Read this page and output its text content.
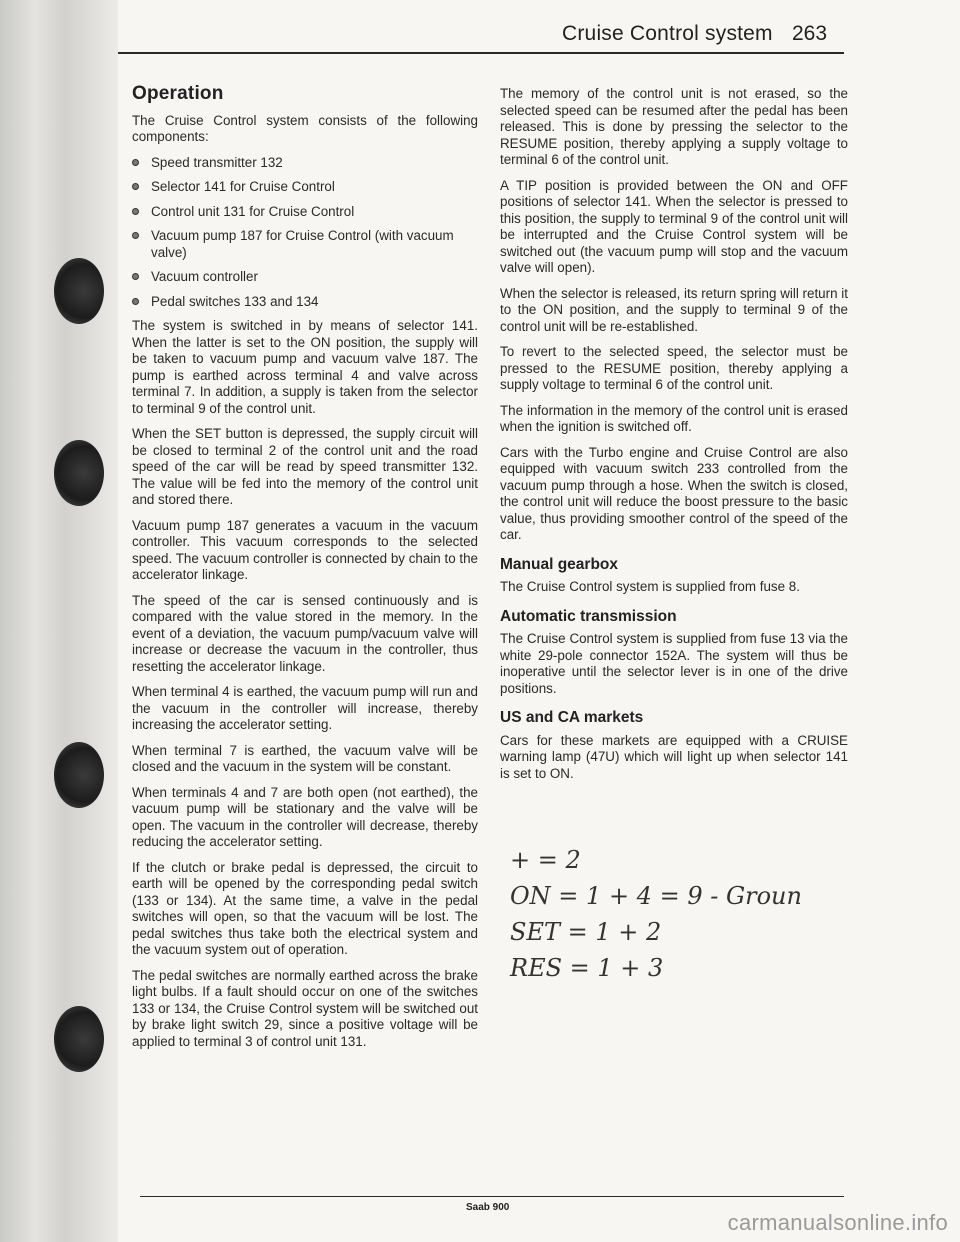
Cruise Control system 263
Operation

The Cruise Control system consists of the following components:

Speed transmitter 132
Selector 141 for Cruise Control
Control unit 131 for Cruise Control
Vacuum pump 187 for Cruise Control (with vacuum valve)
Vacuum controller
Pedal switches 133 and 134

The system is switched in by means of selector 141. When the latter is set to the ON position, the supply will be taken to vacuum pump and vacuum valve 187. The pump is earthed across terminal 4 and valve across terminal 7. In addition, a supply is taken from the selector to terminal 9 of the control unit.

When the SET button is depressed, the supply circuit will be closed to terminal 2 of the control unit and the road speed of the car will be read by speed transmitter 132. The value will be fed into the memory of the control unit and stored there.

Vacuum pump 187 generates a vacuum in the vacuum controller. This vacuum corresponds to the selected speed. The vacuum controller is connected by chain to the accelerator linkage.

The speed of the car is sensed continuously and is compared with the value stored in the memory. In the event of a deviation, the vacuum pump/vacuum valve will increase or decrease the vacuum in the controller, thus resetting the accelerator linkage.

When terminal 4 is earthed, the vacuum pump will run and the vacuum in the controller will increase, thereby increasing the accelerator setting.

When terminal 7 is earthed, the vacuum valve will be closed and the vacuum in the system will be constant.

When terminals 4 and 7 are both open (not earthed), the vacuum pump will be stationary and the valve will be open. The vacuum in the controller will decrease, thereby reducing the accelerator setting.

If the clutch or brake pedal is depressed, the circuit to earth will be opened by the corresponding pedal switch (133 or 134). At the same time, a valve in the pedal switches will open, so that the vacuum will be lost. The pedal switches thus take both the electrical system and the vacuum system out of operation.

The pedal switches are normally earthed across the brake light bulbs. If a fault should occur on one of the switches 133 or 134, the Cruise Control system will be switched out by brake light switch 29, since a positive voltage will be applied to terminal 3 of control unit 131.

The memory of the control unit is not erased, so the selected speed can be resumed after the pedal has been released. This is done by pressing the selector to the RESUME position, thereby applying a supply voltage to terminal 6 of the control unit.

A TIP position is provided between the ON and OFF positions of selector 141. When the selector is pressed to this position, the supply to terminal 9 of the control unit will be interrupted and the Cruise Control system will be switched out (the vacuum pump will stop and the vacuum valve will open).

When the selector is released, its return spring will return it to the ON position, and the supply to terminal 9 of the control unit will be re-established.

To revert to the selected speed, the selector must be pressed to the RESUME position, thereby applying a supply voltage to terminal 6 of the control unit.

The information in the memory of the control unit is erased when the ignition is switched off.

Cars with the Turbo engine and Cruise Control are also equipped with vacuum switch 233 controlled from the vacuum pump through a hose. When the switch is closed, the control unit will reduce the boost pressure to the basic value, thus providing smoother control of the speed of the car.

Manual gearbox

The Cruise Control system is supplied from fuse 8.

Automatic transmission

The Cruise Control system is supplied from fuse 13 via the white 29-pole connector 152A. The system will thus be inoperative until the selector lever is in one of the drive positions.

US and CA markets

Cars for these markets are equipped with a CRUISE warning lamp (47U) which will light up when selector 141 is set to ON.

+ = 2
ON = 1 + 4 = 9 - Ground
SET = 1 + 2
RES = 1 + 3
Saab 900
carmanualsonline.info
